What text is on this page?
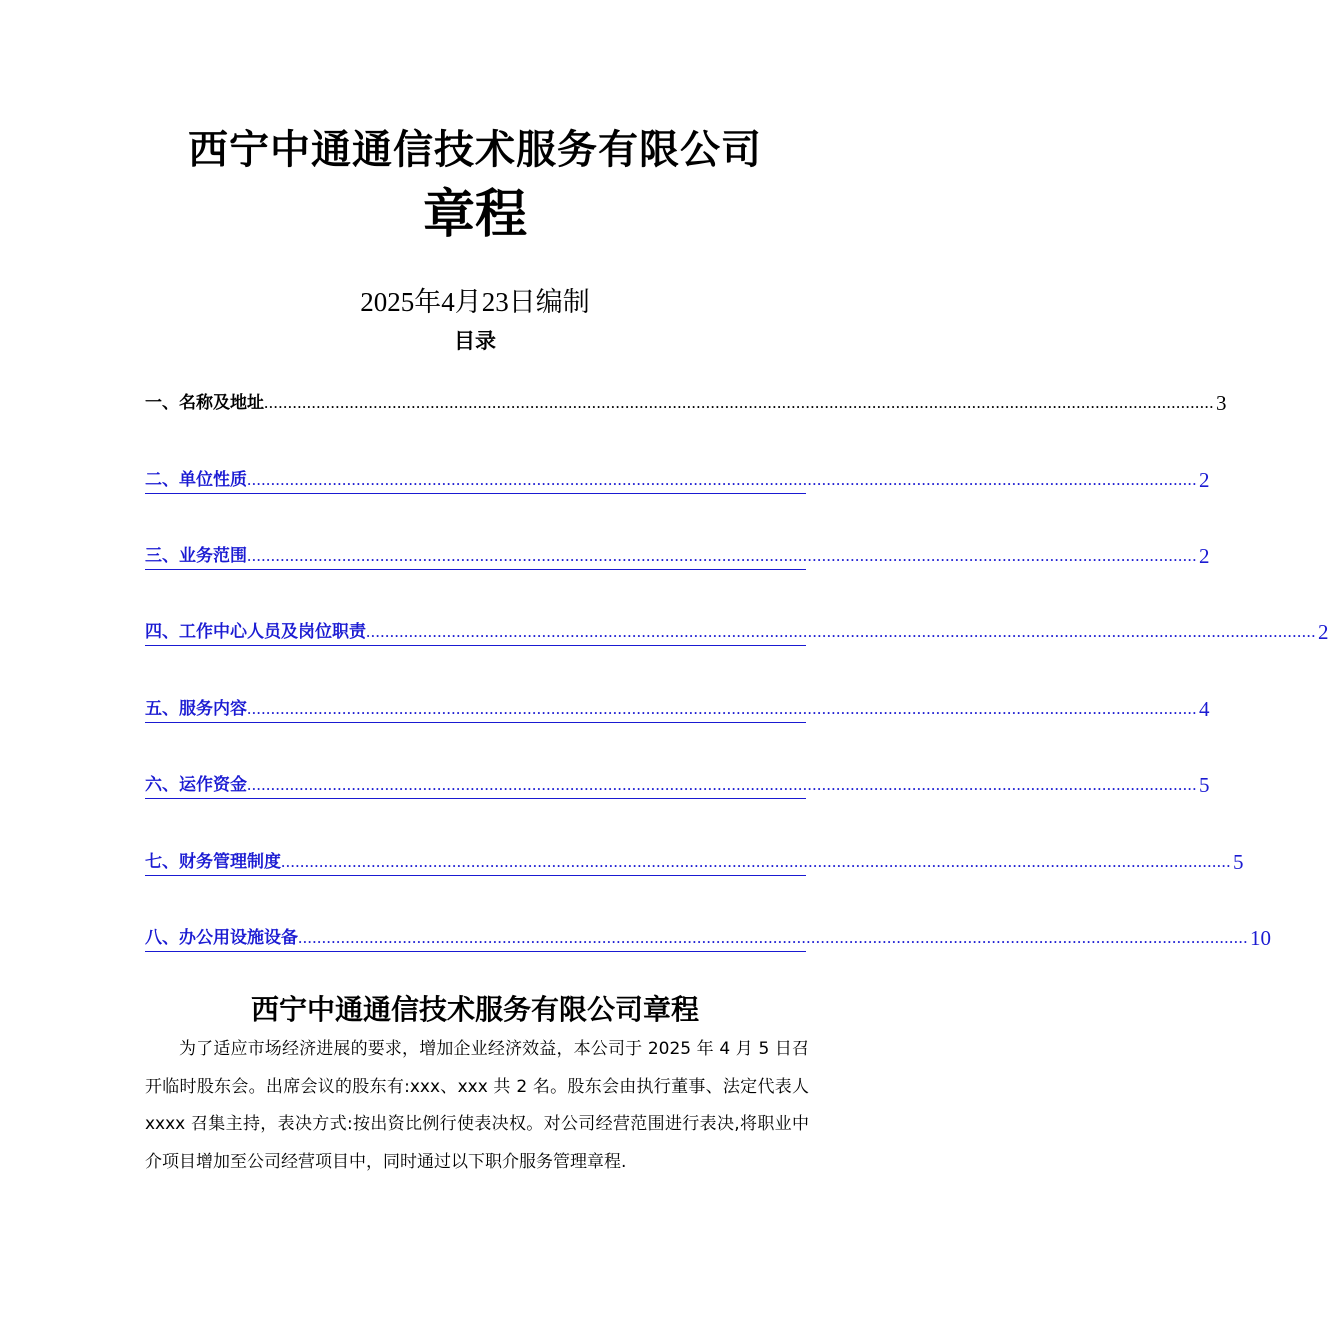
西宁中通通信技术服务有限公司
章程
2025年4月23日编制
目录
一、名称及地址 ........................................................................................................................................................................................................ 3
二、单位性质 ........................................................................................................................................................................................................ 2
三、业务范围 ........................................................................................................................................................................................................ 2
四、工作中心人员及岗位职责 ........................................................................................................................................................................................................ 2
五、服务内容 ........................................................................................................................................................................................................ 4
六、运作资金 ........................................................................................................................................................................................................ 5
七、财务管理制度 ........................................................................................................................................................................................................ 5
八、办公用设施设备 ........................................................................................................................................................................................................ 10
西宁中通通信技术服务有限公司章程

为了适应市场经济进展的要求，增加企业经济效益，本公司于 2025 年 4 月 5 日召开临时股东会。出席会议的股东有:xxx、xxx 共 2 名。股东会由执行董事、法定代表人 xxxx 召集主持，表决方式:按出资比例行使表决权。对公司经营范围进行表决,将职业中介项目增加至公司经营项目中，同时通过以下职介服务管理章程.
